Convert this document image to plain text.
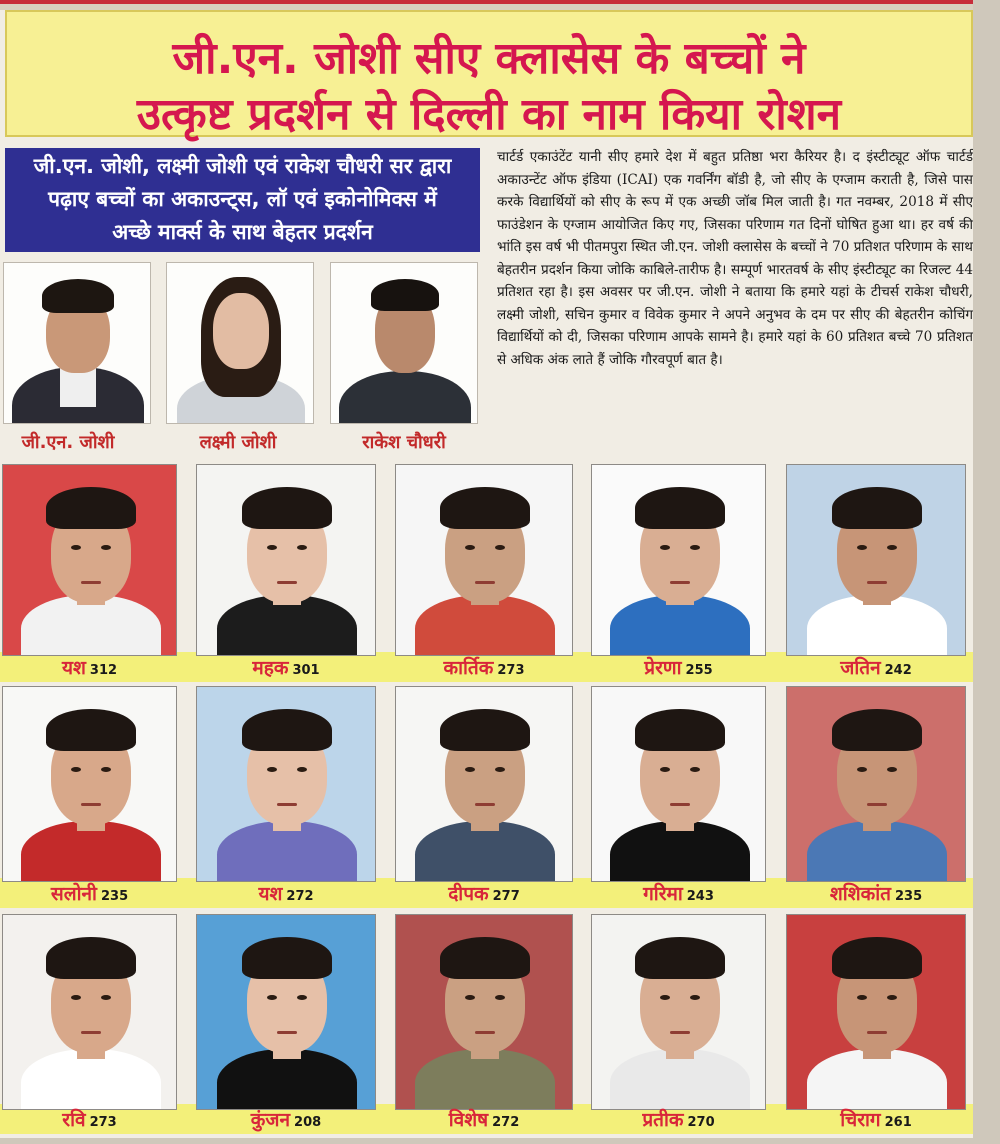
जी.एन. जोशी सीए क्लासेस के बच्चों ने
उत्कृष्ट प्रदर्शन से दिल्ली का नाम किया रोशन
जी.एन. जोशी, लक्ष्मी जोशी एवं राकेश चौधरी सर द्वारा
पढ़ाए बच्चों का अकाउन्ट्स, लॉ एवं इकोनोमिक्स में
अच्छे मार्क्स के साथ बेहतर प्रदर्शन
चार्टर्ड एकाउंटेंट यानी सीए हमारे देश में बहुत प्रतिष्ठा भरा कैरियर है। द इंस्टीट्यूट ऑफ चार्टर्ड अकाउन्टेंट ऑफ इंडिया (ICAI) एक गवर्निंग बॉडी है, जो सीए के एग्जाम कराती है, जिसे पास करके विद्यार्थियों को सीए के रूप में एक अच्छी जॉब मिल जाती है। गत नवम्बर, 2018 में सीए फाउंडेशन के एग्जाम आयोजित किए गए, जिसका परिणाम गत दिनों घोषित हुआ था। हर वर्ष की भांति इस वर्ष भी पीतमपुरा स्थित जी.एन. जोशी क्लासेस के बच्चों ने 70 प्रतिशत परिणाम के साथ बेहतरीन प्रदर्शन किया जोकि काबिले-तारीफ है। सम्पूर्ण भारतवर्ष के सीए इंस्टीट्यूट का रिजल्ट 44 प्रतिशत रहा है। इस अवसर पर जी.एन. जोशी ने बताया कि हमारे यहां के टीचर्स राकेश चौधरी, लक्ष्मी जोशी, सचिन कुमार व विवेक कुमार ने अपने अनुभव के दम पर सीए की बेहतरीन कोचिंग विद्यार्थियों को दी, जिसका परिणाम आपके सामने है। हमारे यहां के 60 प्रतिशत बच्चे 70 प्रतिशत से अधिक अंक लाते हैं जोकि गौरवपूर्ण बात है।
जी.एन. जोशी	लक्ष्मी जोशी	राकेश चौधरी
यश 312	महक 301	कार्तिक 273	प्रेरणा 255	जतिन 242
सलोनी 235	यश 272	दीपक 277	गरिमा 243	शशिकांत 235
रवि 273	कुंजन 208	विशेष 272	प्रतीक 270	चिराग 261
